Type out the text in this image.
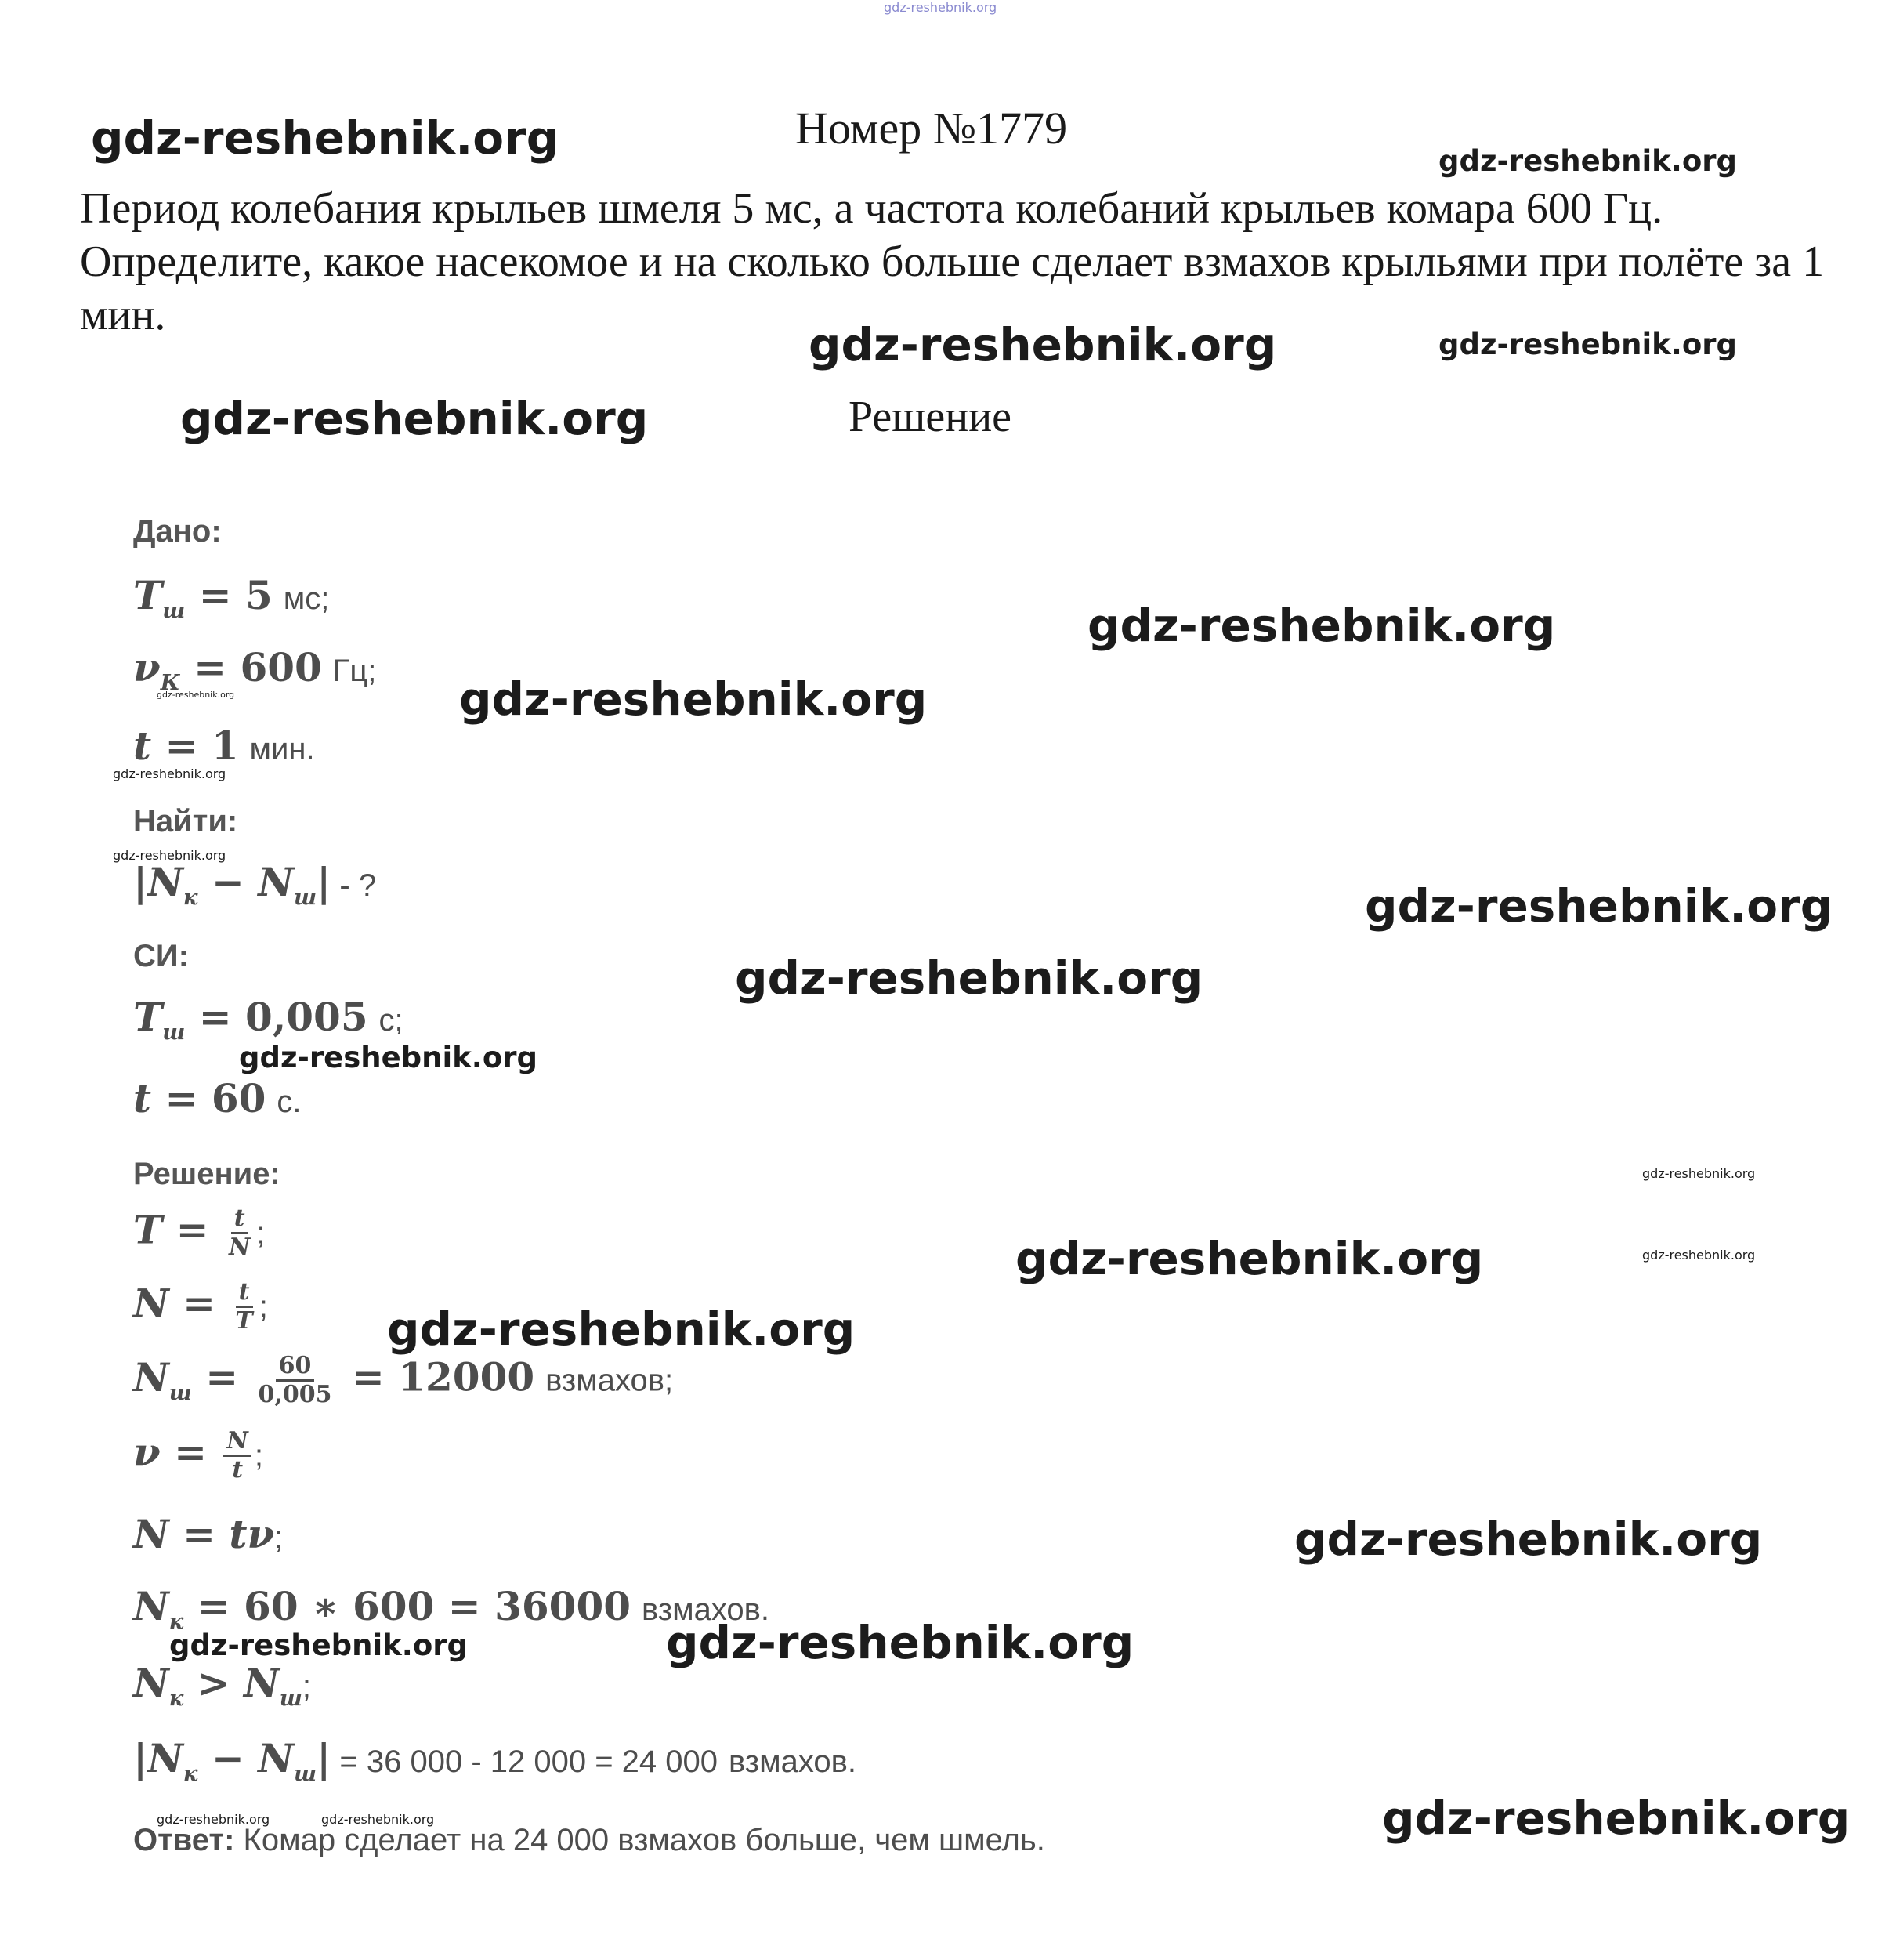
gdz-reshebnik.org
gdz-reshebnik.org	gdz-reshebnik.org
gdz-reshebnik.org	gdz-reshebnik.org
gdz-reshebnik.org
gdz-reshebnik.org
gdz-reshebnik.org
gdz-reshebnik.org
gdz-reshebnik.org
gdz-reshebnik.org
gdz-reshebnik.org
gdz-reshebnik.org
gdz-reshebnik.org
gdz-reshebnik.org
gdz-reshebnik.org	gdz-reshebnik.org
gdz-reshebnik.org
gdz-reshebnik.org
gdz-reshebnik.org
gdz-reshebnik.org
gdz-reshebnik.org	gdz-reshebnik.org	gdz-reshebnik.org
Номер №1779
Период колебания крыльев шмеля 5 мс, а частота колебаний крыльев комара 600 Гц. Определите, какое насекомое и на сколько больше сделает взмахов крыльями при полёте за 1 мин.
Решение
Дано:
$T_ш = 5$ мс;
$\nu_К = 600$ Гц;
t = 1 мин.
Найти:
$|N_к - N_ш|$ - ?
СИ:
$T_ш = 0,005$ с;
t = 60 с.
Решение:
$T = \frac{t}{N}$ ;
$N = \frac{t}{T}$ ;
$N_ш = \frac{60}{0,005} = 12000$ взмахов;
$\nu = \frac{N}{t}$ ;
N = tν;
$N_к = 60$ ∗ 600 = 36000 взмахов.
$N_к > N_ш$;
$|N_к - N_ш| = 36$ 000 - 12 000 = 24 000 взмахов.
Ответ: Комар сделает на 24 000 взмахов больше, чем шмель.
